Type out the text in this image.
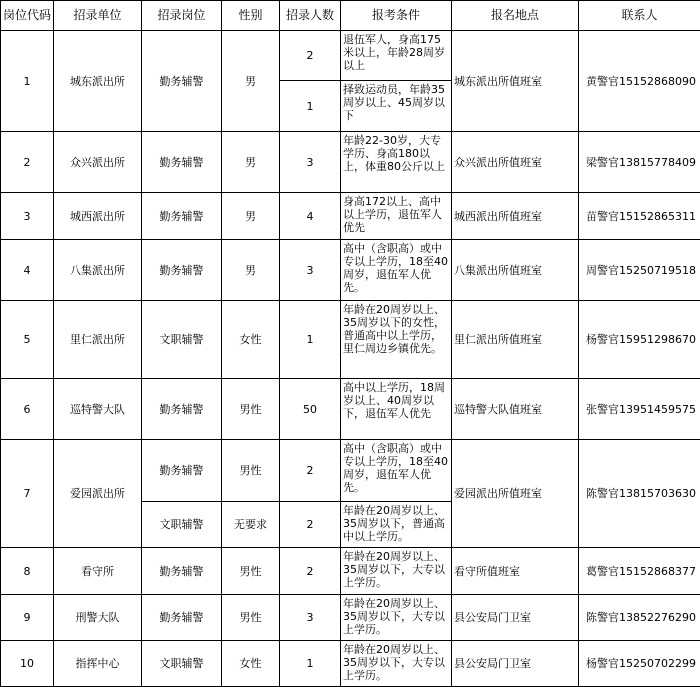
岗位代码	招录单位	招录岗位	性别	招录人数	报考条件	报名地点	联系人
1	城东派出所	勤务辅警	男	2	退伍军人，身高175米以上，年龄28周岁以上	城东派出所值班室	黄警官15152868090
				1	择致运动员，年龄35周岁以上、45周岁以下		
2	众兴派出所	勤务辅警	男	3	年龄22-30岁，大专学历、身高180以上，体重80公斤以上	众兴派出所值班室	梁警官13815778409
3	城西派出所	勤务辅警	男	4	身高172以上、高中以上学历，退伍军人优先	城西派出所值班室	苗警官15152865311
4	八集派出所	勤务辅警	男	3	高中（含职高）或中专以上学历，18至40周岁，退伍军人优先。	八集派出所值班室	周警官15250719518
5	里仁派出所	文职辅警	女性	1	年龄在20周岁以上、35周岁以下的女性，普通高中以上学历，里仁周边乡镇优先。	里仁派出所值班室	杨警官15951298670
6	巡特警大队	勤务辅警	男性	50	高中以上学历，18周岁以上、40周岁以下，退伍军人优先	巡特警大队值班室	张警官13951459575
7	爱园派出所	勤务辅警	男性	2	高中（含职高）或中专以上学历，18至40周岁，退伍军人优先。	爱园派出所值班室	陈警官13815703630
		文职辅警	无要求	2	年龄在20周岁以上、35周岁以下，普通高中以上学历。		
8	看守所	勤务辅警	男性	2	年龄在20周岁以上、35周岁以下，大专以上学历。	看守所值班室	葛警官15152868377
9	刑警大队	勤务辅警	男性	3	年龄在20周岁以上、35周岁以下，大专以上学历。	县公安局门卫室	陈警官13852276290
10	指挥中心	文职辅警	女性	1	年龄在20周岁以上、35周岁以下，大专以上学历。	县公安局门卫室	杨警官15250702299
